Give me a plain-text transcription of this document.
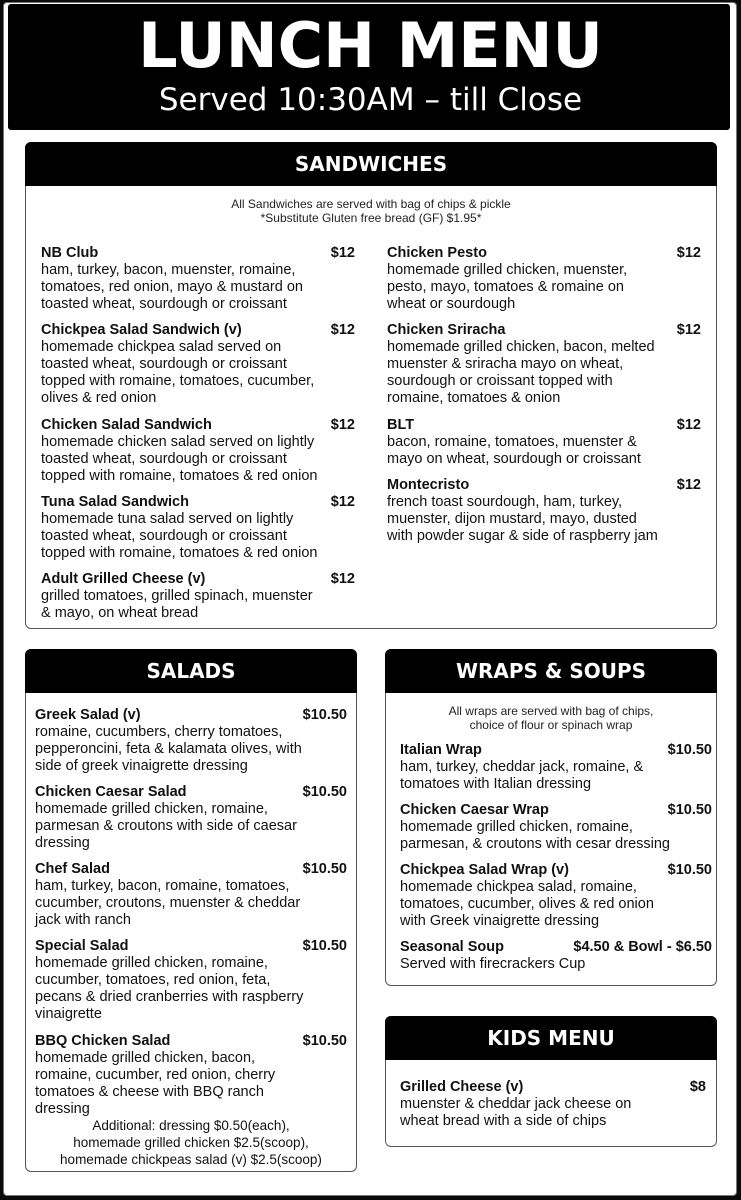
LUNCH MENU
Served 10:30AM – till Close
SANDWICHES
All Sandwiches are served with bag of chips & pickle
*Substitute Gluten free bread (GF) $1.95*
NB Club	$12
ham, turkey, bacon, muenster, romaine,
tomatoes, red onion, mayo & mustard on
toasted wheat, sourdough or croissant
Chickpea Salad Sandwich (v)	$12
homemade chickpea salad served on
toasted wheat, sourdough or croissant
topped with romaine, tomatoes, cucumber,
olives & red onion
Chicken Salad Sandwich	$12
homemade chicken salad served on lightly
toasted wheat, sourdough or croissant
topped with romaine, tomatoes & red onion
Tuna Salad Sandwich	$12
homemade tuna salad served on lightly
toasted wheat, sourdough or croissant
topped with romaine, tomatoes & red onion
Adult Grilled Cheese (v)	$12
grilled tomatoes, grilled spinach, muenster
& mayo, on wheat bread
Chicken Pesto	$12
homemade grilled chicken, muenster,
pesto, mayo, tomatoes & romaine on
wheat or sourdough
Chicken Sriracha	$12
homemade grilled chicken, bacon, melted
muenster & sriracha mayo on wheat,
sourdough or croissant topped with
romaine, tomatoes & onion
BLT	$12
bacon, romaine, tomatoes, muenster &
mayo on wheat, sourdough or croissant
Montecristo	$12
french toast sourdough, ham, turkey,
muenster, dijon mustard, mayo, dusted
with powder sugar & side of raspberry jam
SALADS
Greek Salad (v)	$10.50
romaine, cucumbers, cherry tomatoes,
pepperoncini, feta & kalamata olives, with
side of greek vinaigrette dressing
Chicken Caesar Salad	$10.50
homemade grilled chicken, romaine,
parmesan & croutons with side of caesar
dressing
Chef Salad	$10.50
ham, turkey, bacon, romaine, tomatoes,
cucumber, croutons, muenster & cheddar
jack with ranch
Special Salad	$10.50
homemade grilled chicken, romaine,
cucumber, tomatoes, red onion, feta,
pecans & dried cranberries with raspberry
vinaigrette
BBQ Chicken Salad	$10.50
homemade grilled chicken, bacon,
romaine, cucumber, red onion, cherry
tomatoes & cheese with BBQ ranch
dressing
Additional: dressing $0.50(each),
homemade grilled chicken $2.5(scoop),
homemade chickpeas salad (v) $2.5(scoop)
WRAPS & SOUPS
All wraps are served with bag of chips,
choice of flour or spinach wrap
Italian Wrap	$10.50
ham, turkey, cheddar jack, romaine, &
tomatoes with Italian dressing
Chicken Caesar Wrap	$10.50
homemade grilled chicken, romaine,
parmesan, & croutons with cesar dressing
Chickpea Salad Wrap (v)	$10.50
homemade chickpea salad, romaine,
tomatoes, cucumber, olives & red onion
with Greek vinaigrette dressing
Seasonal Soup	$4.50 & Bowl - $6.50
Served with firecrackers Cup
KIDS MENU
Grilled Cheese (v)	$8
muenster & cheddar jack cheese on
wheat bread with a side of chips
